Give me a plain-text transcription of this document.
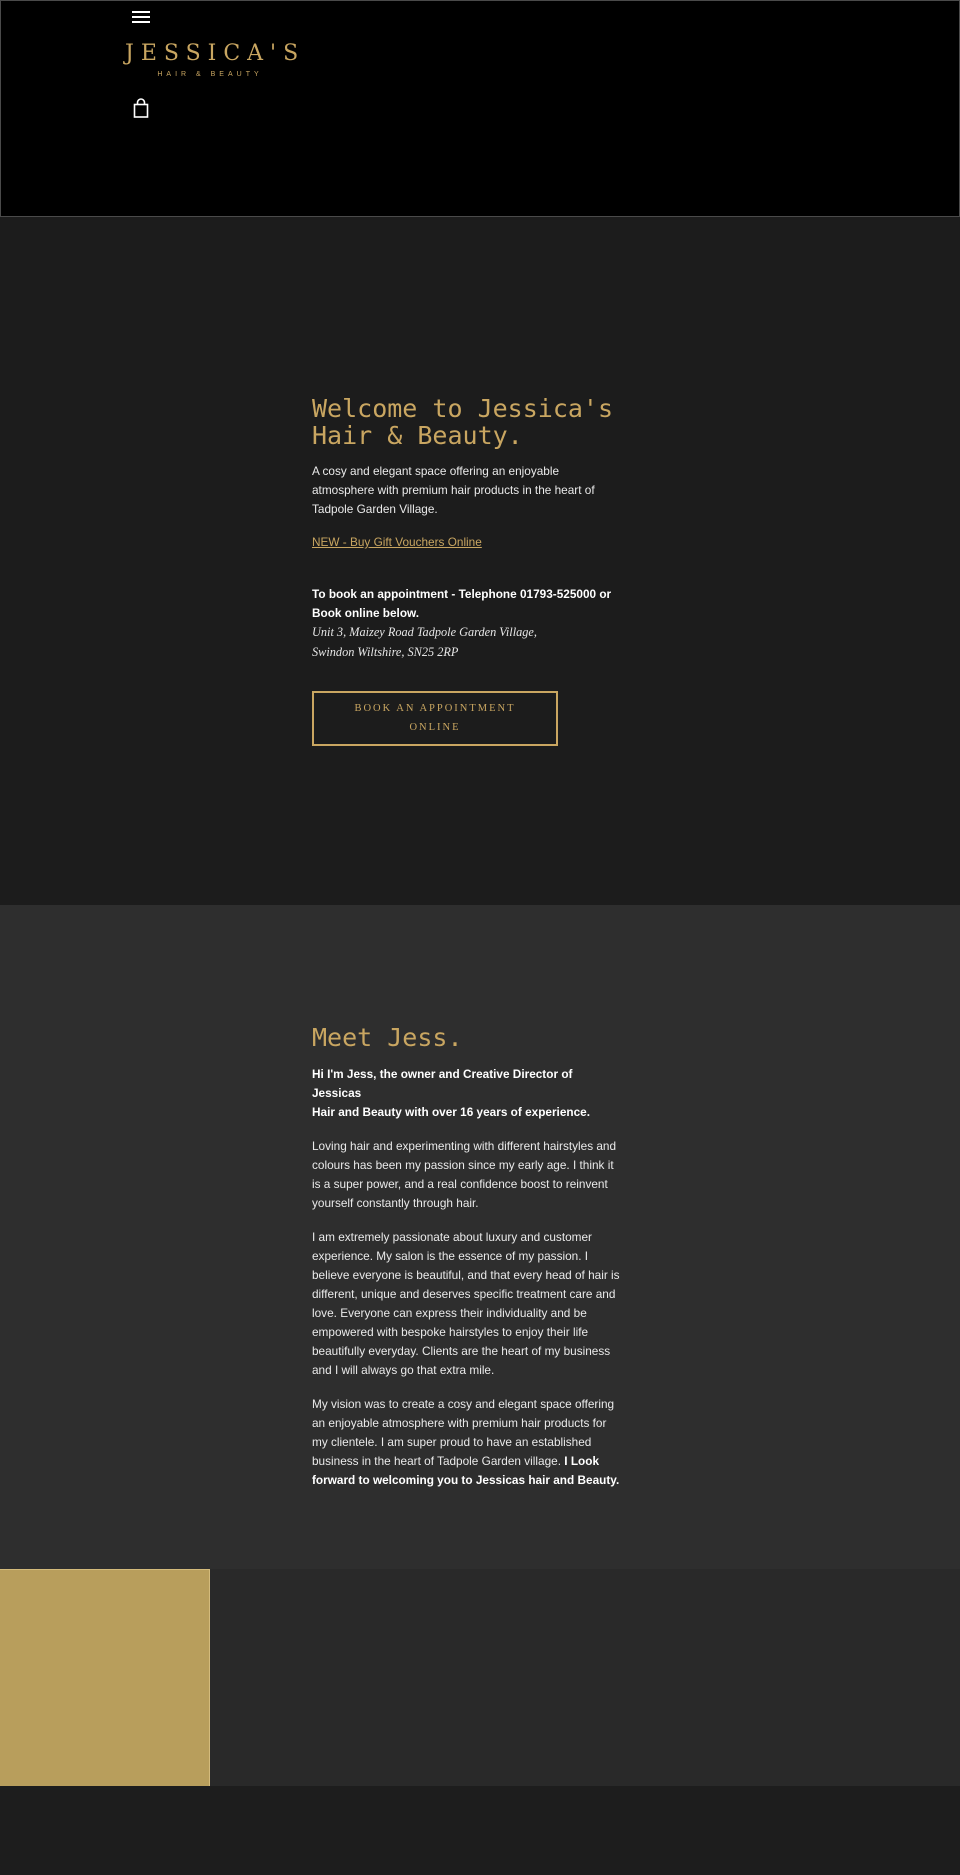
JESSICA'S
HAIR & BEAUTY
Welcome to Jessica's
Hair & Beauty.
A cosy and elegant space offering an enjoyable
atmosphere with premium hair products in the heart of
Tadpole Garden Village.
NEW - Buy Gift Vouchers Online
To book an appointment - Telephone 01793-525000 or
Book online below.
Unit 3, Maizey Road Tadpole Garden Village,
Swindon Wiltshire, SN25 2RP
BOOK AN APPOINTMENT
ONLINE
Meet Jess.
Hi I'm Jess, the owner and Creative Director of Jessicas
Hair and Beauty with over 16 years of experience.
Loving hair and experimenting with different hairstyles and
colours has been my passion since my early age. I think it
is a super power, and a real confidence boost to reinvent
yourself constantly through hair.
I am extremely passionate about luxury and customer
experience. My salon is the essence of my passion. I
believe everyone is beautiful, and that every head of hair is
different, unique and deserves specific treatment care and
love. Everyone can express their individuality and be
empowered with bespoke hairstyles to enjoy their life
beautifully everyday. Clients are the heart of my business
and I will always go that extra mile.
My vision was to create a cosy and elegant space offering
an enjoyable atmosphere with premium hair products for
my clientele. I am super proud to have an established
business in the heart of Tadpole Garden village. I Look
forward to welcoming you to Jessicas hair and Beauty.
